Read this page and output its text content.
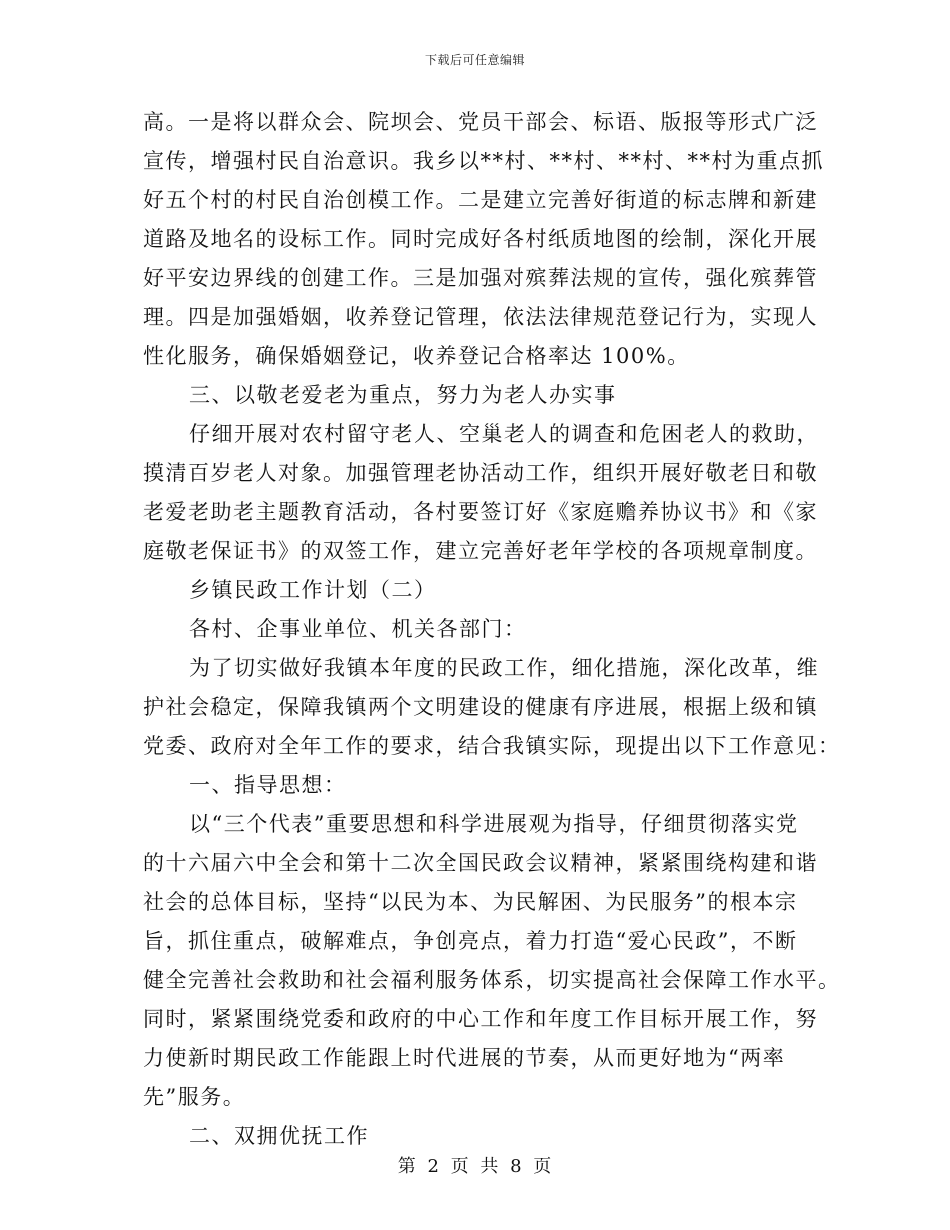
下载后可任意编辑
高。一是将以群众会、院坝会、党员干部会、标语、版报等形式广泛
宣传，增强村民自治意识。我乡以**村、**村、**村、**村为重点抓
好五个村的村民自治创模工作。二是建立完善好街道的标志牌和新建
道路及地名的设标工作。同时完成好各村纸质地图的绘制，深化开展
好平安边界线的创建工作。三是加强对殡葬法规的宣传，强化殡葬管
理。四是加强婚姻，收养登记管理，依法法律规范登记行为，实现人
性化服务，确保婚姻登记，收养登记合格率达 100%。
三、以敬老爱老为重点，努力为老人办实事
仔细开展对农村留守老人、空巢老人的调查和危困老人的救助，
摸清百岁老人对象。加强管理老协活动工作，组织开展好敬老日和敬
老爱老助老主题教育活动，各村要签订好《家庭赡养协议书》和《家
庭敬老保证书》的双签工作，建立完善好老年学校的各项规章制度。
乡镇民政工作计划（二）
各村、企事业单位、机关各部门：
为了切实做好我镇本年度的民政工作，细化措施，深化改革，维
护社会稳定，保障我镇两个文明建设的健康有序进展，根据上级和镇
党委、政府对全年工作的要求，结合我镇实际，现提出以下工作意见：
一、指导思想：
以“三个代表”重要思想和科学进展观为指导，仔细贯彻落实党
的十六届六中全会和第十二次全国民政会议精神，紧紧围绕构建和谐
社会的总体目标，坚持“以民为本、为民解困、为民服务”的根本宗
旨，抓住重点，破解难点，争创亮点，着力打造“爱心民政”，不断
健全完善社会救助和社会福利服务体系，切实提高社会保障工作水平。
同时，紧紧围绕党委和政府的中心工作和年度工作目标开展工作，努
力使新时期民政工作能跟上时代进展的节奏，从而更好地为“两率
先”服务。
二、双拥优抚工作
第 2 页 共 8 页
